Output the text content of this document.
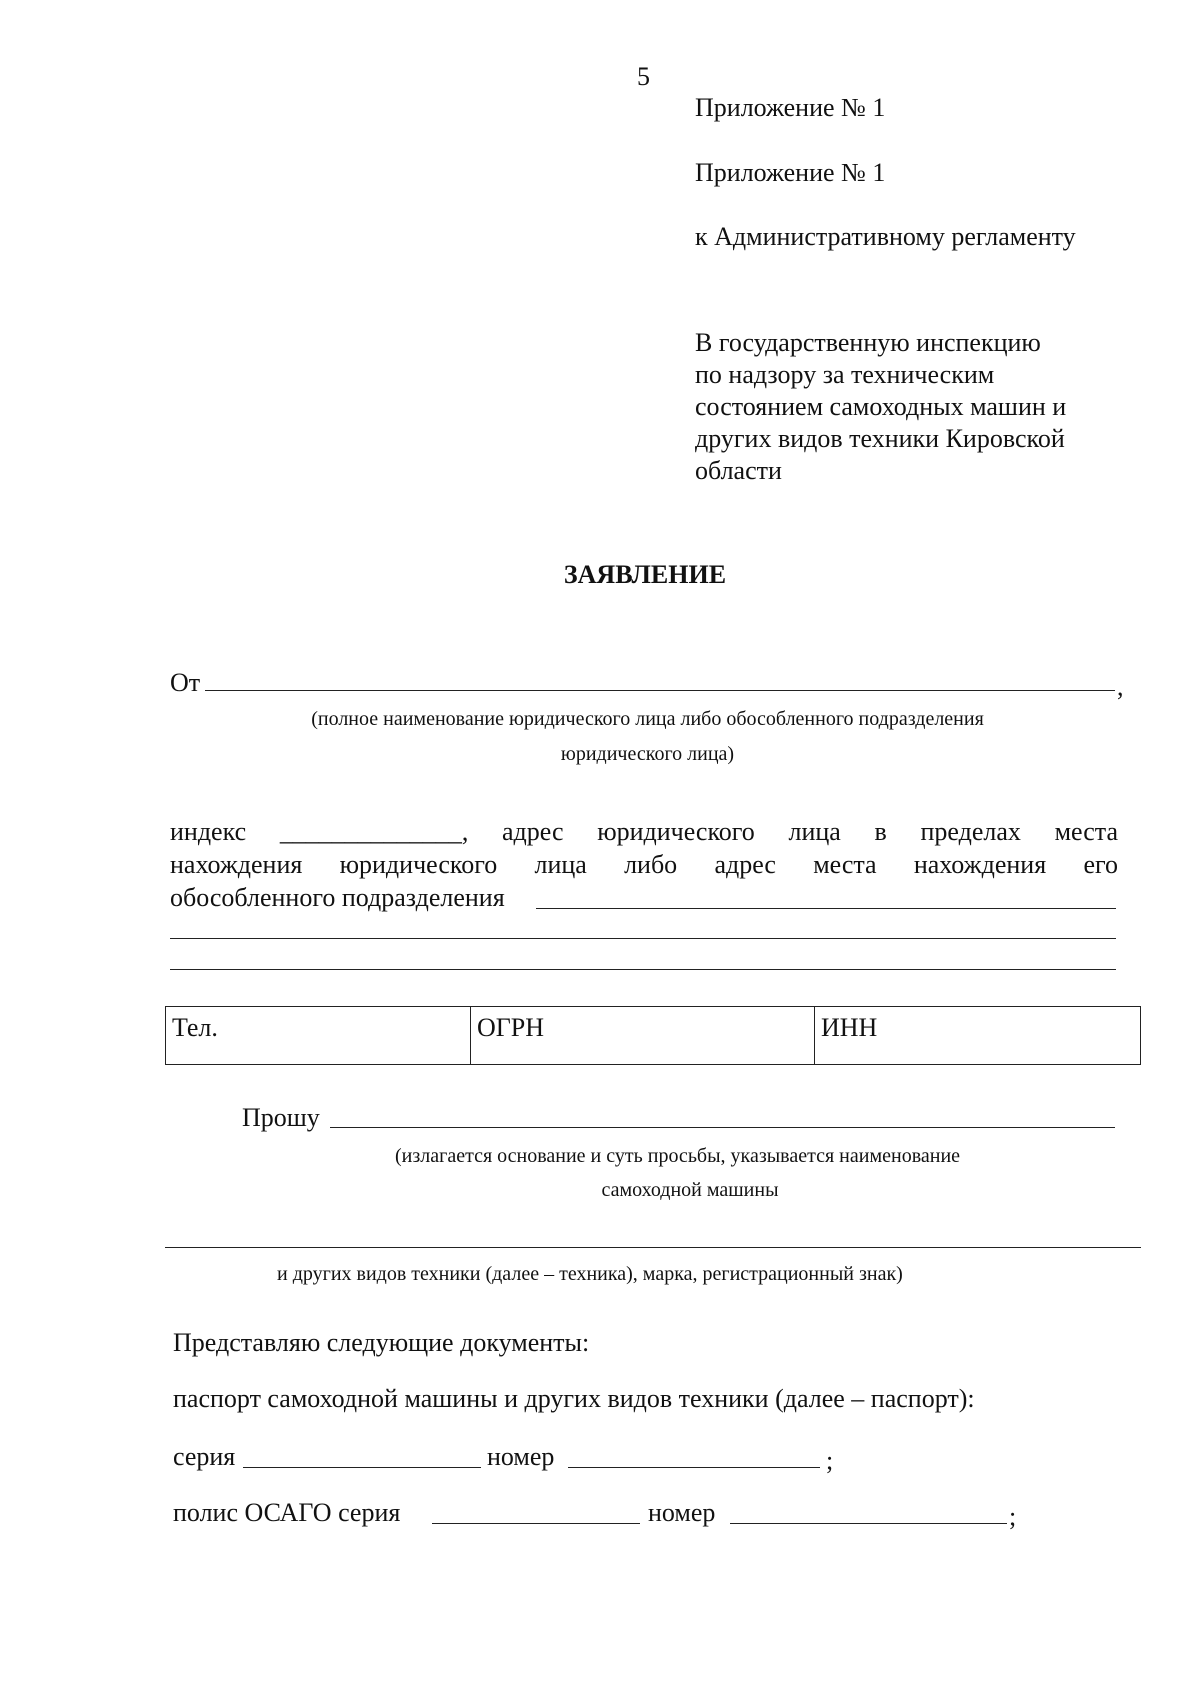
5
Приложение № 1
Приложение № 1
к Административному регламенту
В государственную инспекцию
по надзору за техническим
состоянием самоходных машин и
других видов техники Кировской
области
ЗАЯВЛЕНИЕ
От	,
(полное наименование юридического лица либо обособленного подразделения
юридического лица)
индекс ______________, адрес юридического лица в пределах места
нахождения юридического лица либо адрес места нахождения его
обособленного подразделения
Тел.	ОГРН	ИНН
Прошу
(излагается основание и суть просьбы, указывается наименование
самоходной машины
и других видов техники (далее – техника), марка, регистрационный знак)
Представляю следующие документы:
паспорт самоходной машины и других видов техники (далее – паспорт):
серия	номер	;
полис ОСАГО серия	номер	;
